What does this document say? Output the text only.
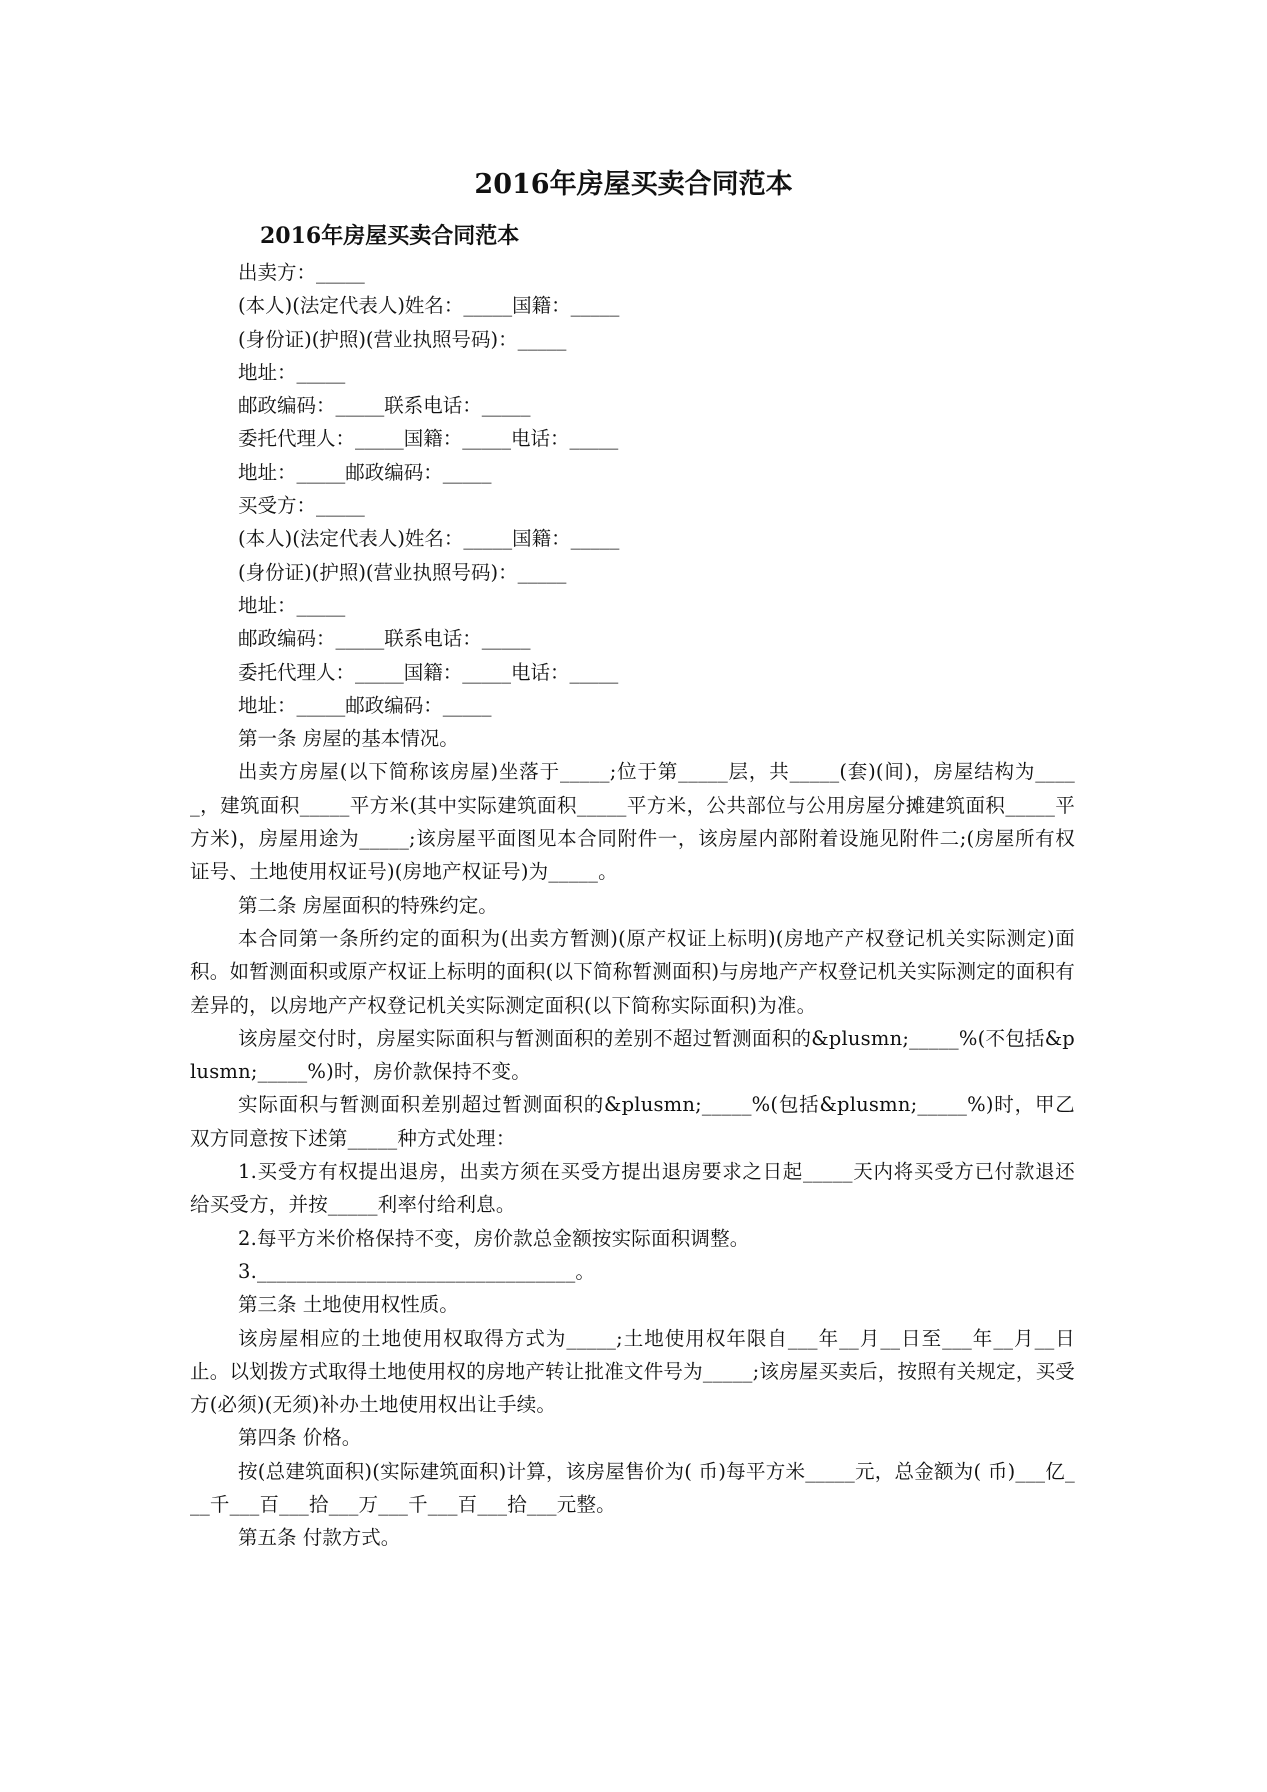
2016年房屋买卖合同范本
2016年房屋买卖合同范本

出卖方：_____

(本人)(法定代表人)姓名：_____国籍：_____

(身份证)(护照)(营业执照号码)：_____

地址：_____

邮政编码：_____联系电话：_____

委托代理人：_____国籍：_____电话：_____

地址：_____邮政编码：_____

买受方：_____

(本人)(法定代表人)姓名：_____国籍：_____

(身份证)(护照)(营业执照号码)：_____

地址：_____

邮政编码：_____联系电话：_____

委托代理人：_____国籍：_____电话：_____

地址：_____邮政编码：_____

第一条 房屋的基本情况。

出卖方房屋(以下简称该房屋)坐落于_____;位于第_____层，共_____(套)(间)，房屋结构为_____，建筑面积_____平方米(其中实际建筑面积_____平方米，公共部位与公用房屋分摊建筑面积_____平方米)，房屋用途为_____;该房屋平面图见本合同附件一，该房屋内部附着设施见附件二;(房屋所有权证号、土地使用权证号)(房地产权证号)为_____。

第二条 房屋面积的特殊约定。

本合同第一条所约定的面积为(出卖方暂测)(原产权证上标明)(房地产产权登记机关实际测定)面积。如暂测面积或原产权证上标明的面积(以下简称暂测面积)与房地产产权登记机关实际测定的面积有差异的，以房地产产权登记机关实际测定面积(以下简称实际面积)为准。

该房屋交付时，房屋实际面积与暂测面积的差别不超过暂测面积的&plusmn;_____%(不包括&plusmn;_____%)时，房价款保持不变。

实际面积与暂测面积差别超过暂测面积的&plusmn;_____%(包括&plusmn;_____%)时，甲乙双方同意按下述第_____种方式处理：

1.买受方有权提出退房，出卖方须在买受方提出退房要求之日起_____天内将买受方已付款退还给买受方，并按_____利率付给利息。

2.每平方米价格保持不变，房价款总金额按实际面积调整。

3.________________________________。

第三条 土地使用权性质。

该房屋相应的土地使用权取得方式为_____;土地使用权年限自___年__月__日至___年__月__日止。以划拨方式取得土地使用权的房地产转让批准文件号为_____;该房屋买卖后，按照有关规定，买受方(必须)(无须)补办土地使用权出让手续。

第四条 价格。

按(总建筑面积)(实际建筑面积)计算，该房屋售价为( 币)每平方米_____元，总金额为( 币)___亿___千___百___拾___万___千___百___拾___元整。

第五条 付款方式。
